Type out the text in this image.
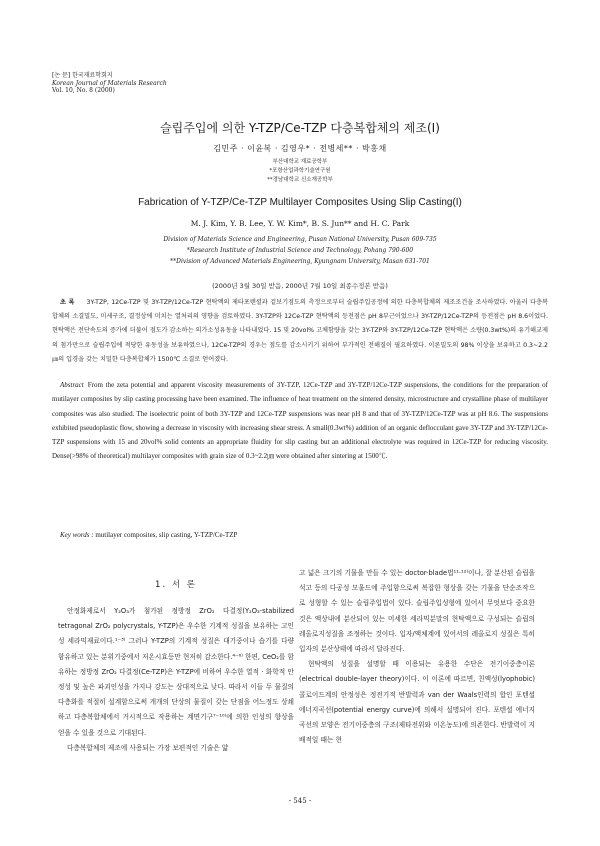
[논 문] 한국재료학회지
Korean Journal of Materials Research
Vol. 10, No. 8 (2000)
슬립주입에 의한 Y-TZP/Ce-TZP 다층복합체의 제조(I)
김민주 · 이윤복 · 김영우* · 전병세** · 박홍채
부산대학교 재료공학부
*포항산업과학기술연구원
**경남대학교 신소재공학부
Fabrication of Y-TZP/Ce-TZP Multilayer Composites Using Slip Casting(I)
M. J. Kim, Y. B. Lee, Y. W. Kim*, B. S. Jun** and H. C. Park
Division of Materials Science and Engineering, Pusan National University, Pusan 609-735
*Research Institute of Industrial Science and Technology, Pohang 790-600
**Division of Advanced Materials Engineering, Kyungnam University, Masan 631-701
(2000년 3월 30일 받음, 2000년 7월 10일 최종수정본 받음)
초 록 3Y-TZP, 12Ce-TZP 및 3Y-TZP/12Ce-TZP 현탁액의 제타포텐셜과 겉보기점도의 측정으로부터 슬립주입공정에 의한 다층복합체의 제조조건을 조사하였다. 아울러 다층복합체의 소결밀도, 미세구조, 결정상에 미치는 열처리의 영향을 검토하였다. 3Y-TZP와 12Ce-TZP 현탁액의 등전점은 pH 8부근이었으나 3Y-TZP/12Ce-TZP의 등전점은 pH 8.6이었다. 현탁액은 전단속도의 증가에 더불어 점도가 감소하는 의가소성유동을 나타내었다. 15 및 20vol% 고체함량을 갖는 3Y-TZP와 3Y-TZP/12Ce-TZP 현탁액은 소량(0.3wt%)의 유기해교제의 첨가만으로 슬립주입에 적당한 유동성을 보유하였으나, 12Ce-TZP의 경우는 점도를 감소시키기 위하여 부가적인 전해질이 필요하였다. 이론밀도의 98% 이상을 보유하고 0.3~2.2㎛의 입경을 갖는 치밀한 다층복합체가 1500℃ 소결로 얻어졌다.
Abstract From the zeta potential and apparent viscosity measurements of 3Y-TZP, 12Ce-TZP and 3Y-TZP/12Ce-TZP suspensions, the conditions for the preparation of mutilayer composites by slip casting processing have been examined. The influence of heat treatment on the sintered density, microstructure and crystalline phase of multilayer composites was also studied. The isoelectric point of both 3Y-TZP and 12Ce-TZP suspensions was near pH 8 and that of 3Y-TZP/12Ce-TZP was at pH 8.6. The suspensions exhibited pseudoplastic flow, showing a decrease in viscosity with increasing shear stress. A small(0.3wt%) addition of an organic deflocculant gave 3Y-TZP and 3Y-TZP/12Ce-TZP suspensions with 15 and 20vol% solid contents an appropriate fluidity for slip casting but an additional electrolyte was required in 12Ce-TZP for reducing viscosity. Dense(>98% of theoretical) multilayer composites with grain size of 0.3~2.2㎛ were obtained after sintering at 1500℃.
Key words : mutilayer composites, slip casting, Y-TZP/Ce-TZP
1. 서 론

안정화제로서 Y₂O₃가 첨가된 정방정 ZrO₂ 다결정(Y₂O₃-stabilized tetragonal ZrO₂ polycrystals, Y-TZP)은 우수한 기계적 성질을 보유하는 고인성 세라믹재료이다.¹⁻³⁾ 그러나 Y-TZP의 기계적 성질은 대기중이나 습기를 다량 함유하고 있는 분위기중에서 저온시효등만 현저히 감소한다.⁴⁻⁶⁾ 한편, CeO₂를 함유하는 정방정 ZrO₂ 다결정(Ce-TZP)은 Y-TZP에 비하여 우수한 열적 · 화학적 안정성 및 높은 파괴인성을 가지나 강도는 상대적으로 낮다. 따라서 이들 두 물질의 다층화를 적절히 설계함으로써 개개의 단상의 물질이 갖는 단점을 어느정도 상쇄하고 다층복합체에서 거시적으로 작용하는 계면기구⁷⁻¹⁰⁾에 의한 인성의 향상을 얻을 수 있을 것으로 기대된다.

다층복합체의 제조에 사용되는 가장 보편적인 기술은 얇

고 넓은 크기의 기물을 만들 수 있는 doctor-blade법¹¹·¹²⁾이나, 잘 분산된 슬립을 석고 등의 다공성 모울드에 주입함으로써 복잡한 형상을 갖는 기물을 단순조작으로 성형할 수 있는 슬립주입법이 있다. 슬립주입성형에 있어서 무엇보다 중요한 것은 액상내에 분산되어 있는 미세한 세라믹분말의 현탁액으로 구성되는 슬립의 레올로지성질을 조정하는 것이다. 입자/액체계에 있어서의 레올로지 성질은 특히 입자의 분산상태에 따라서 달라진다.

현탁액의 성질을 설명할 때 이용되는 유용한 수단은 전기이중층이론(electrical double-layer theory)이다. 이 이론에 따르면, 친액성(lyophobic) 콜로이드계의 안정성은 정전기적 반발력과 van der Waals인력의 합인 포텐셜 에너지곡선(potential energy curve)에 의해서 설명되어 진다. 포텐셜 에너지곡선의 모양은 전기이중층의 구조(제타전위와 이온농도)에 의존한다. 반발력이 지배적일 때는 현

- 545 -
